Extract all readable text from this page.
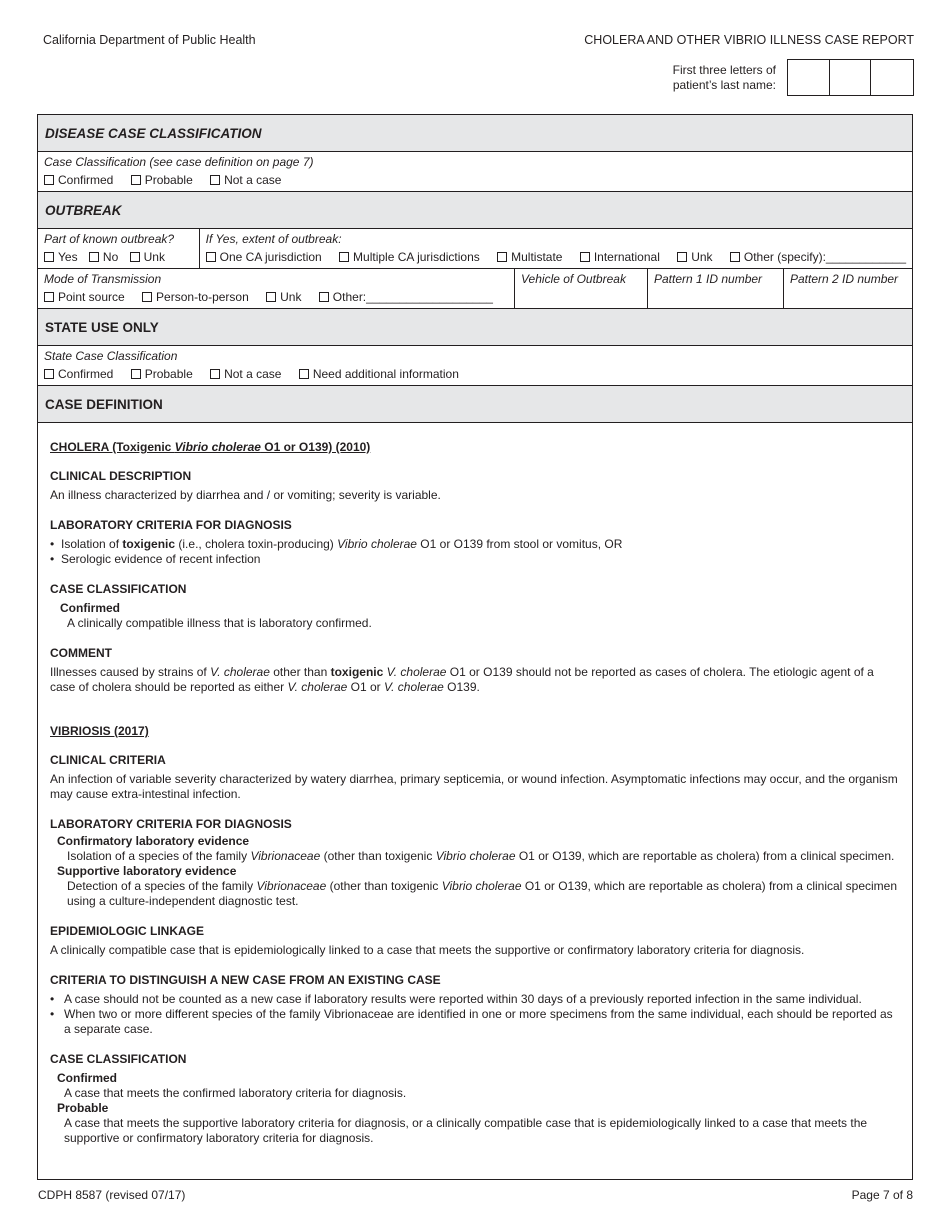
California Department of Public Health	CHOLERA AND OTHER VIBRIO ILLNESS CASE REPORT
First three letters of
patient’s last name:
DISEASE CASE CLASSIFICATION
Case Classification (see case definition on page 7)
Confirmed	Probable	Not a case
OUTBREAK
Part of known outbreak?
Yes No Unk
If Yes, extent of outbreak:
One CA jurisdiction	Multiple CA jurisdictions	Multistate	International	Unk	Other (specify):____________
Mode of Transmission
Point source	Person-to-person	Unk	Other:___________________
Vehicle of Outbreak	Pattern 1 ID number	Pattern 2 ID number
STATE USE ONLY
State Case Classification
Confirmed	Probable	Not a case	Need additional information
CASE DEFINITION
CHOLERA (Toxigenic Vibrio cholerae O1 or O139) (2010)
CLINICAL DESCRIPTION
An illness characterized by diarrhea and / or vomiting; severity is variable.
LABORATORY CRITERIA FOR DIAGNOSIS
• Isolation of toxigenic (i.e., cholera toxin-producing) Vibrio cholerae O1 or O139 from stool or vomitus, OR
• Serologic evidence of recent infection
CASE CLASSIFICATION
Confirmed
A clinically compatible illness that is laboratory confirmed.
COMMENT
Illnesses caused by strains of V. cholerae other than toxigenic V. cholerae O1 or O139 should not be reported as cases of cholera. The etiologic agent of a case of cholera should be reported as either V. cholerae O1 or V. cholerae O139.
VIBRIOSIS (2017)
CLINICAL CRITERIA
An infection of variable severity characterized by watery diarrhea, primary septicemia, or wound infection. Asymptomatic infections may occur, and the organism may cause extra-intestinal infection.
LABORATORY CRITERIA FOR DIAGNOSIS
Confirmatory laboratory evidence
Isolation of a species of the family Vibrionaceae (other than toxigenic Vibrio cholerae O1 or O139, which are reportable as cholera) from a clinical specimen.
Supportive laboratory evidence
Detection of a species of the family Vibrionaceae (other than toxigenic Vibrio cholerae O1 or O139, which are reportable as cholera) from a clinical specimen using a culture-independent diagnostic test.
EPIDEMIOLOGIC LINKAGE
A clinically compatible case that is epidemiologically linked to a case that meets the supportive or confirmatory laboratory criteria for diagnosis.
CRITERIA TO DISTINGUISH A NEW CASE FROM AN EXISTING CASE
• A case should not be counted as a new case if laboratory results were reported within 30 days of a previously reported infection in the same individual.
• When two or more different species of the family Vibrionaceae are identified in one or more specimens from the same individual, each should be reported as a separate case.
CASE CLASSIFICATION
Confirmed
A case that meets the confirmed laboratory criteria for diagnosis.
Probable
A case that meets the supportive laboratory criteria for diagnosis, or a clinically compatible case that is epidemiologically linked to a case that meets the supportive or confirmatory laboratory criteria for diagnosis.
CDPH 8587 (revised 07/17)	Page 7 of 8
